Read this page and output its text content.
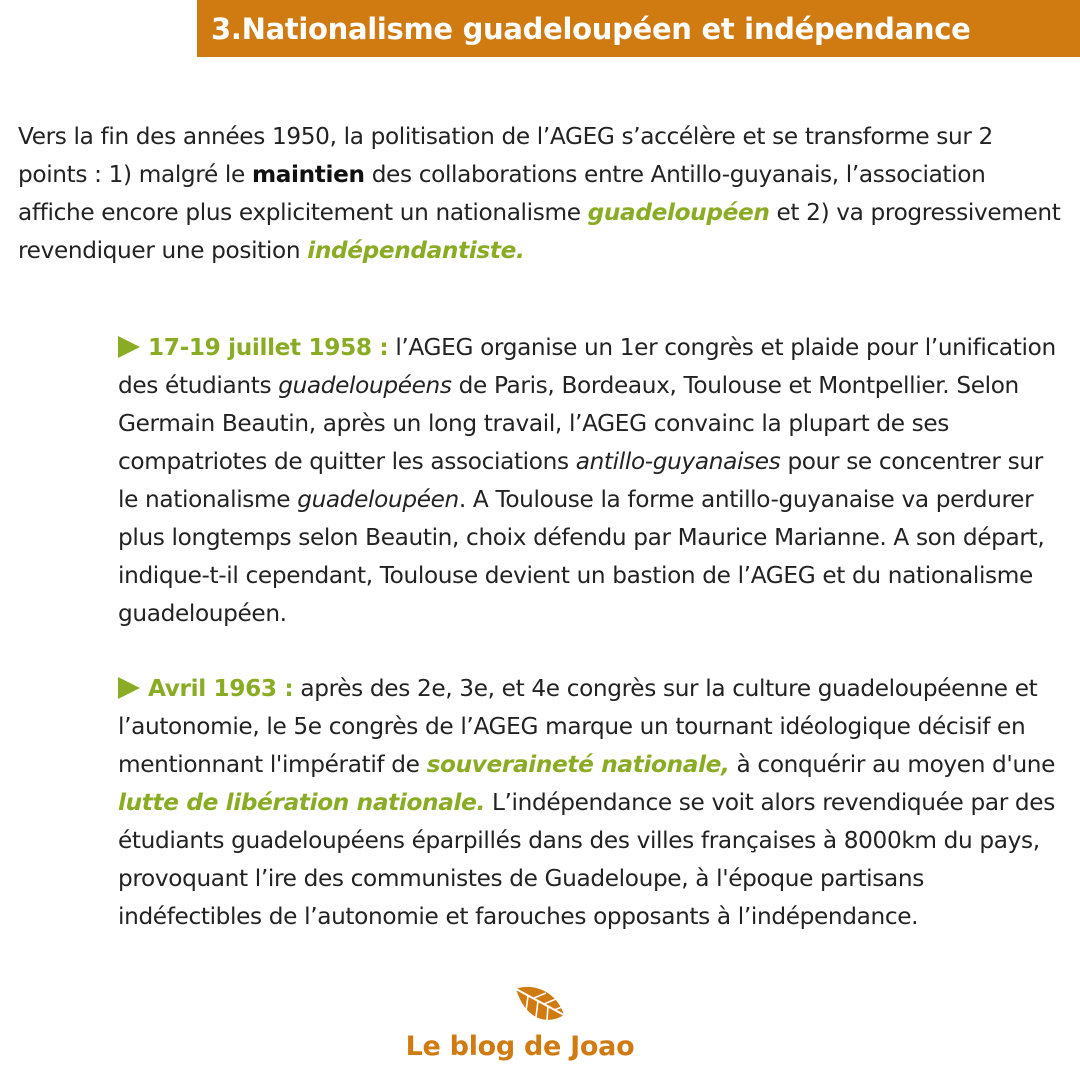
3.Nationalisme guadeloupéen et indépendance

Vers la fin des années 1950, la politisation de l’AGEG s’accélère et se transforme sur 2 points : 1) malgré le maintien des collaborations entre Antillo-guyanais, l’association affiche encore plus explicitement un nationalisme guadeloupéen et 2) va progressivement revendiquer une position indépendantiste.

17-19 juillet 1958 : l’AGEG organise un 1er congrès et plaide pour l’unification des étudiants guadeloupéens de Paris, Bordeaux, Toulouse et Montpellier. Selon Germain Beautin, après un long travail, l’AGEG convainc la plupart de ses compatriotes de quitter les associations antillo-guyanaises pour se concentrer sur le nationalisme guadeloupéen. A Toulouse la forme antillo-guyanaise va perdurer plus longtemps selon Beautin, choix défendu par Maurice Marianne. A son départ, indique-t-il cependant, Toulouse devient un bastion de l’AGEG et du nationalisme guadeloupéen.

Avril 1963 : après des 2e, 3e, et 4e congrès sur la culture guadeloupéenne et l’autonomie, le 5e congrès de l’AGEG marque un tournant idéologique décisif en mentionnant l'impératif de souveraineté nationale, à conquérir au moyen d'une lutte de libération nationale. L’indépendance se voit alors revendiquée par des étudiants guadeloupéens éparpillés dans des villes françaises à 8000km du pays, provoquant l’ire des communistes de Guadeloupe, à l'époque partisans indéfectibles de l’autonomie et farouches opposants à l’indépendance.

Le blog de Joao
